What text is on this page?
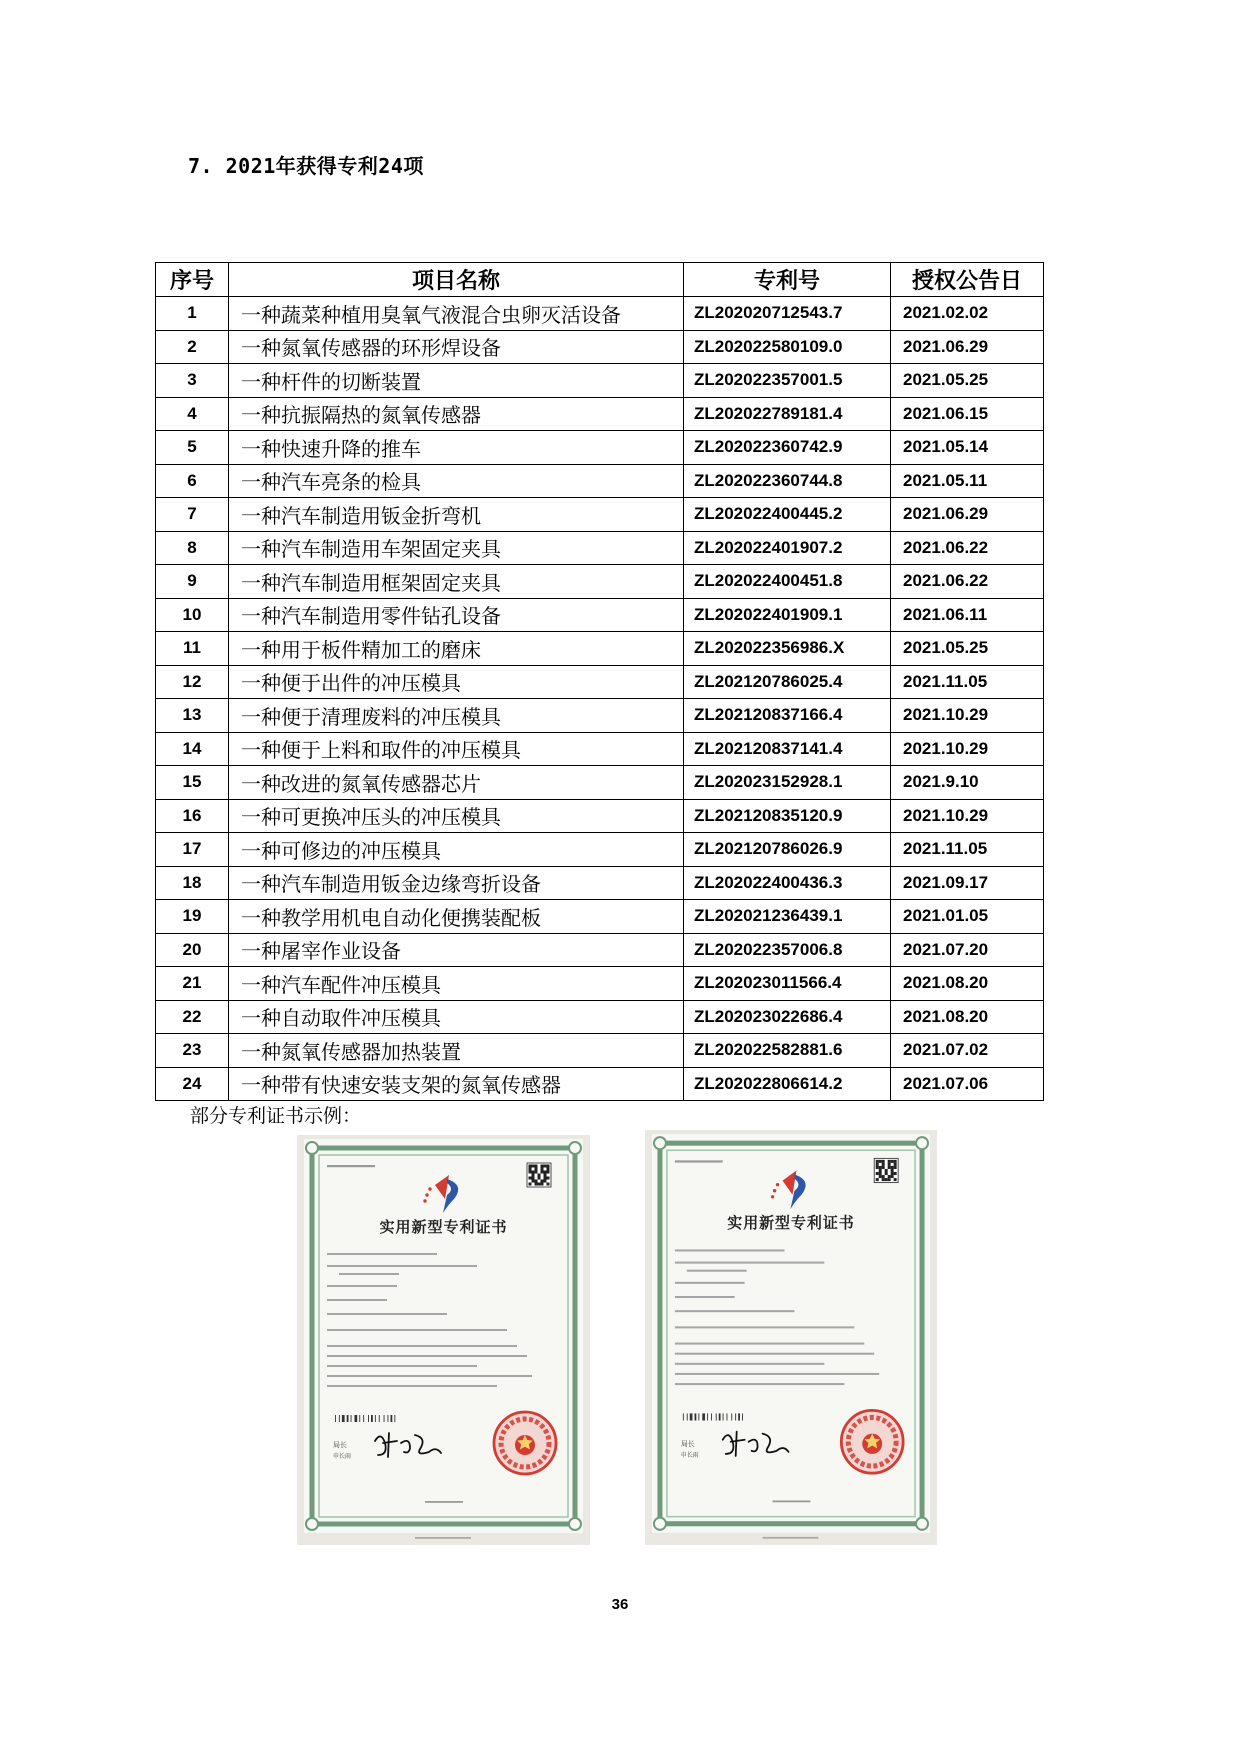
7. 2021年获得专利24项
序号	项目名称	专利号	授权公告日
1	一种蔬菜种植用臭氧气液混合虫卵灭活设备	ZL202020712543.7	2021.02.02
2	一种氮氧传感器的环形焊设备	ZL202022580109.0	2021.06.29
3	一种杆件的切断装置	ZL202022357001.5	2021.05.25
4	一种抗振隔热的氮氧传感器	ZL202022789181.4	2021.06.15
5	一种快速升降的推车	ZL202022360742.9	2021.05.14
6	一种汽车亮条的检具	ZL202022360744.8	2021.05.11
7	一种汽车制造用钣金折弯机	ZL202022400445.2	2021.06.29
8	一种汽车制造用车架固定夹具	ZL202022401907.2	2021.06.22
9	一种汽车制造用框架固定夹具	ZL202022400451.8	2021.06.22
10	一种汽车制造用零件钻孔设备	ZL202022401909.1	2021.06.11
11	一种用于板件精加工的磨床	ZL202022356986.X	2021.05.25
12	一种便于出件的冲压模具	ZL202120786025.4	2021.11.05
13	一种便于清理废料的冲压模具	ZL202120837166.4	2021.10.29
14	一种便于上料和取件的冲压模具	ZL202120837141.4	2021.10.29
15	一种改进的氮氧传感器芯片	ZL202023152928.1	2021.9.10
16	一种可更换冲压头的冲压模具	ZL202120835120.9	2021.10.29
17	一种可修边的冲压模具	ZL202120786026.9	2021.11.05
18	一种汽车制造用钣金边缘弯折设备	ZL202022400436.3	2021.09.17
19	一种教学用机电自动化便携装配板	ZL202021236439.1	2021.01.05
20	一种屠宰作业设备	ZL202022357006.8	2021.07.20
21	一种汽车配件冲压模具	ZL202023011566.4	2021.08.20
22	一种自动取件冲压模具	ZL202023022686.4	2021.08.20
23	一种氮氧传感器加热装置	ZL202022582881.6	2021.07.02
24	一种带有快速安装支架的氮氧传感器	ZL202022806614.2	2021.07.06
部分专利证书示例：
实用新型专利证书
局长
申长雨
实用新型专利证书
局长
申长雨
36
